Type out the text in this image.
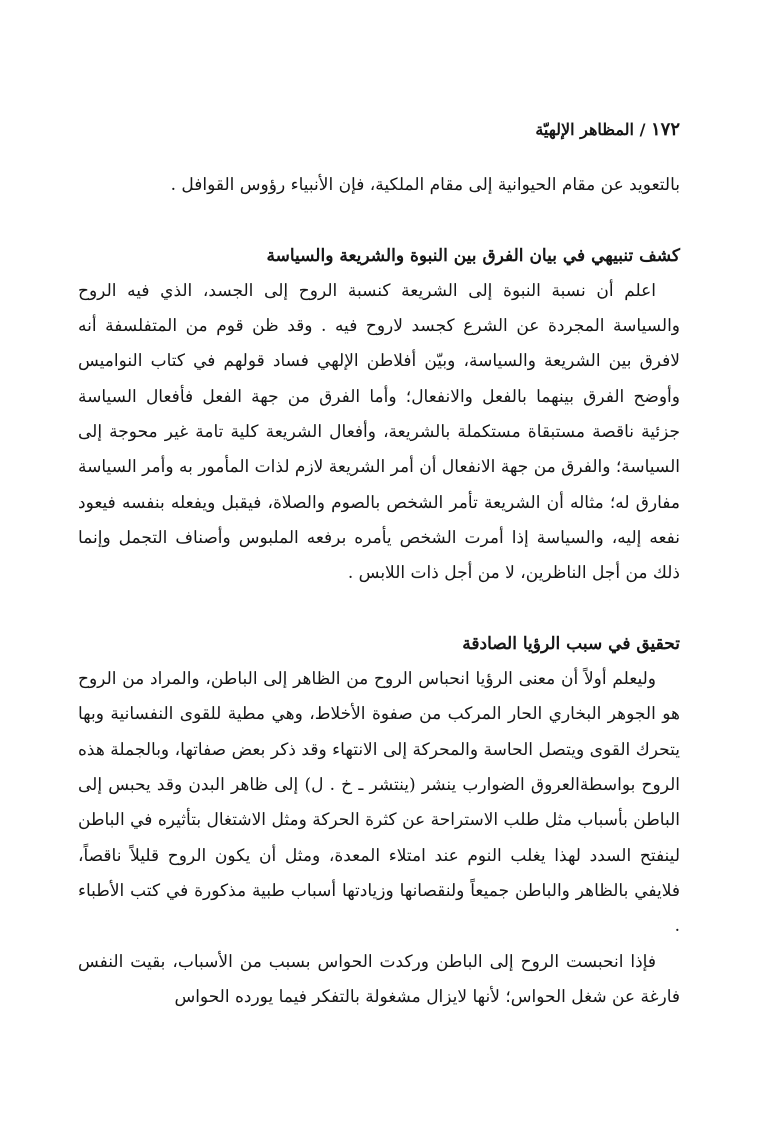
١٧٢ / المظاهر الإلهيّة

بالتعويد عن مقام الحيوانية إلى مقام الملكية، فإن الأنبياء رؤوس القوافل .

كشف تنبيهي في بيان الفرق بين النبوة والشريعة والسياسة

اعلم أن نسبة النبوة إلى الشريعة كنسبة الروح إلى الجسد، الذي فيه الروح والسياسة المجردة عن الشرع كجسد لاروح فيه . وقد ظن قوم من المتفلسفة أنه لافرق بين الشريعة والسياسة، وبيّن أفلاطن الإلهي فساد قولهم في كتاب النواميس وأوضح الفرق بينهما بالفعل والانفعال؛ وأما الفرق من جهة الفعل فأفعال السياسة جزئية ناقصة مستبقاة مستكملة بالشريعة، وأفعال الشريعة كلية تامة غير محوجة إلى السياسة؛ والفرق من جهة الانفعال أن أمر الشريعة لازم لذات المأمور به وأمر السياسة مفارق له؛ مثاله أن الشريعة تأمر الشخص بالصوم والصلاة، فيقبل ويفعله بنفسه فيعود نفعه إليه، والسياسة إذا أمرت الشخص يأمره برفعه الملبوس وأصناف التجمل وإنما ذلك من أجل الناظرين، لا من أجل ذات اللابس .

تحقيق في سبب الرؤيا الصادقة

وليعلم أولاً أن معنى الرؤيا انحباس الروح من الظاهر إلى الباطن، والمراد من الروح هو الجوهر البخاري الحار المركب من صفوة الأخلاط، وهي مطية للقوى النفسانية وبها يتحرك القوى ويتصل الحاسة والمحركة إلى الانتهاء وقد ذكر بعض صفاتها، وبالجملة هذه الروح بواسطةالعروق الضوارب ينشر (ينتشر ـ خ . ل) إلى ظاهر البدن وقد يحبس إلى الباطن بأسباب مثل طلب الاستراحة عن كثرة الحركة ومثل الاشتغال بتأثيره في الباطن لينفتح السدد لهذا يغلب النوم عند امتلاء المعدة، ومثل أن يكون الروح قليلاً ناقصاً، فلايفي بالظاهر والباطن جميعاً ولنقصانها وزيادتها أسباب طبية مذكورة في كتب الأطباء .

فإذا انحبست الروح إلى الباطن وركدت الحواس بسبب من الأسباب، بقيت النفس فارغة عن شغل الحواس؛ لأنها لايزال مشغولة بالتفكر فيما يورده الحواس
